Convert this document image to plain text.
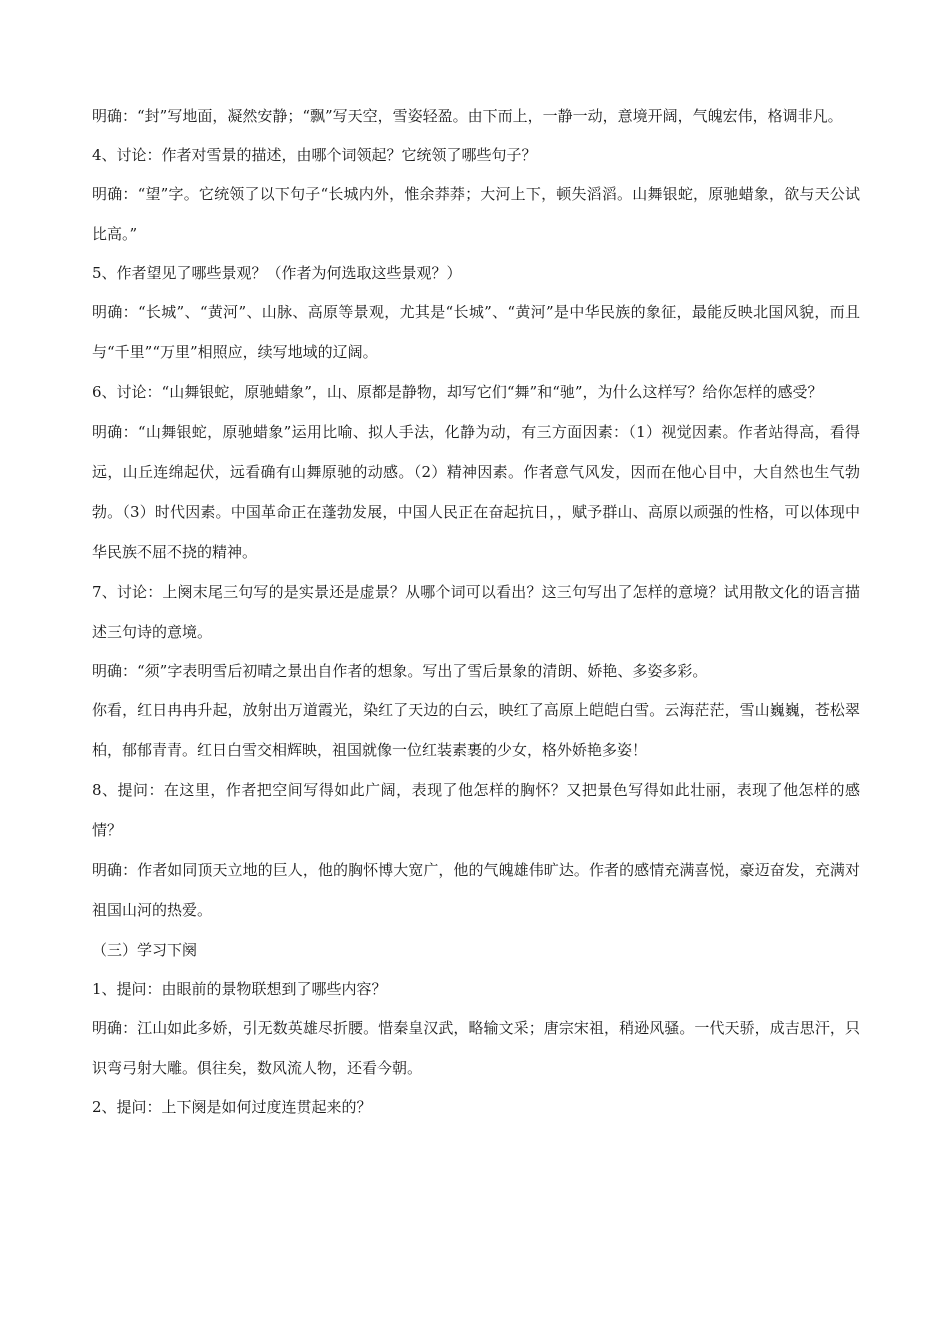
明确：“封”写地面，凝然安静；“飘”写天空，雪姿轻盈。由下而上，一静一动，意境开阔，气魄宏伟，格调非凡。

4、讨论：作者对雪景的描述，由哪个词领起？它统领了哪些句子？

明确：“望”字。它统领了以下句子“长城内外，惟余莽莽；大河上下，顿失滔滔。山舞银蛇，原驰蜡象，欲与天公试比高。”

5、作者望见了哪些景观？（作者为何选取这些景观？）

明确：“长城”、“黄河”、山脉、高原等景观，尤其是“长城”、“黄河”是中华民族的象征，最能反映北国风貌，而且与“千里”“万里”相照应，续写地域的辽阔。

6、讨论：“山舞银蛇，原驰蜡象”，山、原都是静物，却写它们“舞”和“驰”，为什么这样写？给你怎样的感受？

明确：“山舞银蛇，原驰蜡象”运用比喻、拟人手法，化静为动，有三方面因素：（1）视觉因素。作者站得高，看得远，山丘连绵起伏，远看确有山舞原驰的动感。（2）精神因素。作者意气风发，因而在他心目中，大自然也生气勃勃。（3）时代因素。中国革命正在蓬勃发展，中国人民正在奋起抗日，，赋予群山、高原以顽强的性格，可以体现中华民族不屈不挠的精神。

7、讨论：上阕末尾三句写的是实景还是虚景？从哪个词可以看出？这三句写出了怎样的意境？试用散文化的语言描述三句诗的意境。

明确：“须”字表明雪后初晴之景出自作者的想象。写出了雪后景象的清朗、娇艳、多姿多彩。

你看，红日冉冉升起，放射出万道霞光，染红了天边的白云，映红了高原上皑皑白雪。云海茫茫，雪山巍巍，苍松翠柏，郁郁青青。红日白雪交相辉映，祖国就像一位红装素裹的少女，格外娇艳多姿！

8、提问：在这里，作者把空间写得如此广阔，表现了他怎样的胸怀？又把景色写得如此壮丽，表现了他怎样的感情？

明确：作者如同顶天立地的巨人，他的胸怀博大宽广，他的气魄雄伟旷达。作者的感情充满喜悦，豪迈奋发，充满对祖国山河的热爱。

（三）学习下阕

1、提问：由眼前的景物联想到了哪些内容？

明确：江山如此多娇，引无数英雄尽折腰。惜秦皇汉武，略输文采；唐宗宋祖，稍逊风骚。一代天骄，成吉思汗，只识弯弓射大雕。俱往矣，数风流人物，还看今朝。

2、提问：上下阕是如何过度连贯起来的？
